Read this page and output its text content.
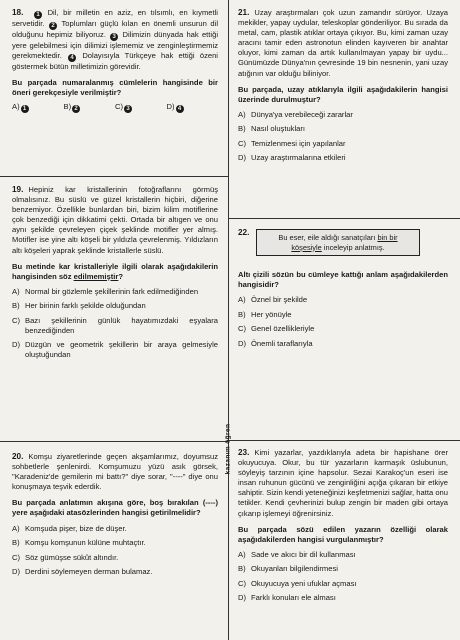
kazanım öğren
18. 1 Dil, bir milletin en aziz, en tılsımlı, en kıymetli servetidir. 2 Toplumları güçlü kılan en önemli unsurun dil olduğunu hepimiz biliyoruz. 3 Dilimizin dünyada hak ettiği yere gelebilmesi için dilimizi işlememiz ve zenginleştirmemiz gerekmektedir. 4 Dolayısıyla Türkçeye hak ettiği özeni göstermek bütün milletimizin görevidir.
Bu parçada numaralanmış cümlelerin hangisinde bir öneri gerekçesiyle verilmiştir?
A) 1	B) 2	C) 3	D) 4
19. Hepiniz kar kristallerinin fotoğraflarını görmüş olmalısınız. Bu süslü ve güzel kristallerin hiçbiri, diğerine benzemiyor. Özellikle bunlardan biri, bizim kilim motiflerine çok benzediği için dikkatimi çekti. Ortada bir altıgen ve onu aynı şekilde çevreleyen çiçek şeklinde motifler yer almış. Motifler ise yine altı köşeli bir yıldızla çevrelenmiş. Yıldızların altı köşeleri yaprak şeklinde kristallerle süslü.
Bu metinde kar kristalleriyle ilgili olarak aşağıdakilerin hangisinden söz edilmemiştir?
A) Normal bir gözlemle şekillerinin fark edilmediğinden
B) Her birinin farklı şekilde olduğundan
C) Bazı şekillerinin günlük hayatımızdaki eşyalara benzediğinden
D) Düzgün ve geometrik şekillerin bir araya gelmesiyle oluştuğundan
20. Komşu ziyaretlerinde geçen akşamlarımız, doyumsuz sohbetlerle şenlenirdi. Komşumuzu yüzü asık görsek, "Karadeniz'de gemilerin mi battı?" diye sorar, "----" diye onu konuşmaya teşvik ederdik.
Bu parçada anlatımın akışına göre, boş bırakılan (----) yere aşağıdaki atasözlerinden hangisi getirilmelidir?
A) Komşuda pişer, bize de düşer.
B) Komşu komşunun külüne muhtaçtır.
C) Söz gümüşse sükût altındır.
D) Derdini söylemeyen derman bulamaz.
21. Uzay araştırmaları çok uzun zamandır sürüyor. Uzaya mekikler, yapay uydular, teleskoplar gönderiliyor. Bu sırada da metal, cam, plastik atıklar ortaya çıkıyor. Bu, kimi zaman uzay aracını tamir eden astronotun elinden kayıveren bir anahtar oluyor, kimi zaman da artık kullanılmayan yapay bir uydu... Günümüzde Dünya'nın çevresinde 19 bin nesnenin, yani uzay atığının var olduğu biliniyor.
Bu parçada, uzay atıklarıyla ilgili aşağıdakilerin hangisi üzerinde durulmuştur?
A) Dünya'ya verebileceği zararlar
B) Nasıl oluştukları
C) Temizlenmesi için yapılanlar
D) Uzay araştırmalarına etkileri
22.
Bu eser, eile aldığı sanatçıları bin bir
köşesiyle inceleyip anlatmış.
Altı çizili sözün bu cümleye kattığı anlam aşağıdakilerden hangisidir?
A) Öznel bir şekilde
B) Her yönüyle
C) Genel özellikleriyle
D) Önemli taraflarıyla
23. Kimi yazarlar, yazdıklarıyla adeta bir hapishane örer okuyucuya. Okur, bu tür yazarların karmaşık üslubunun, söyleyiş tarzının içine hapsolur. Sezai Karakoç'un eseri ise insan ruhunun gücünü ve zenginliğini açığa çıkaran bir etkiye sahiptir. Sizin kendi yeteneğinizi keşfetmenizi sağlar, hatta onu tetikler. Kendi çevherinizi bulup zengin bir maden gibi ortaya çıkarıp işlemeyi öğrenirsiniz.
Bu parçada sözü edilen yazarın özelliği olarak aşağıdakilerden hangisi vurgulanmıştır?
A) Sade ve akıcı bir dil kullanması
B) Okuyanları bilgilendirmesi
C) Okuyucuya yeni ufuklar açması
D) Farklı konuları ele alması
